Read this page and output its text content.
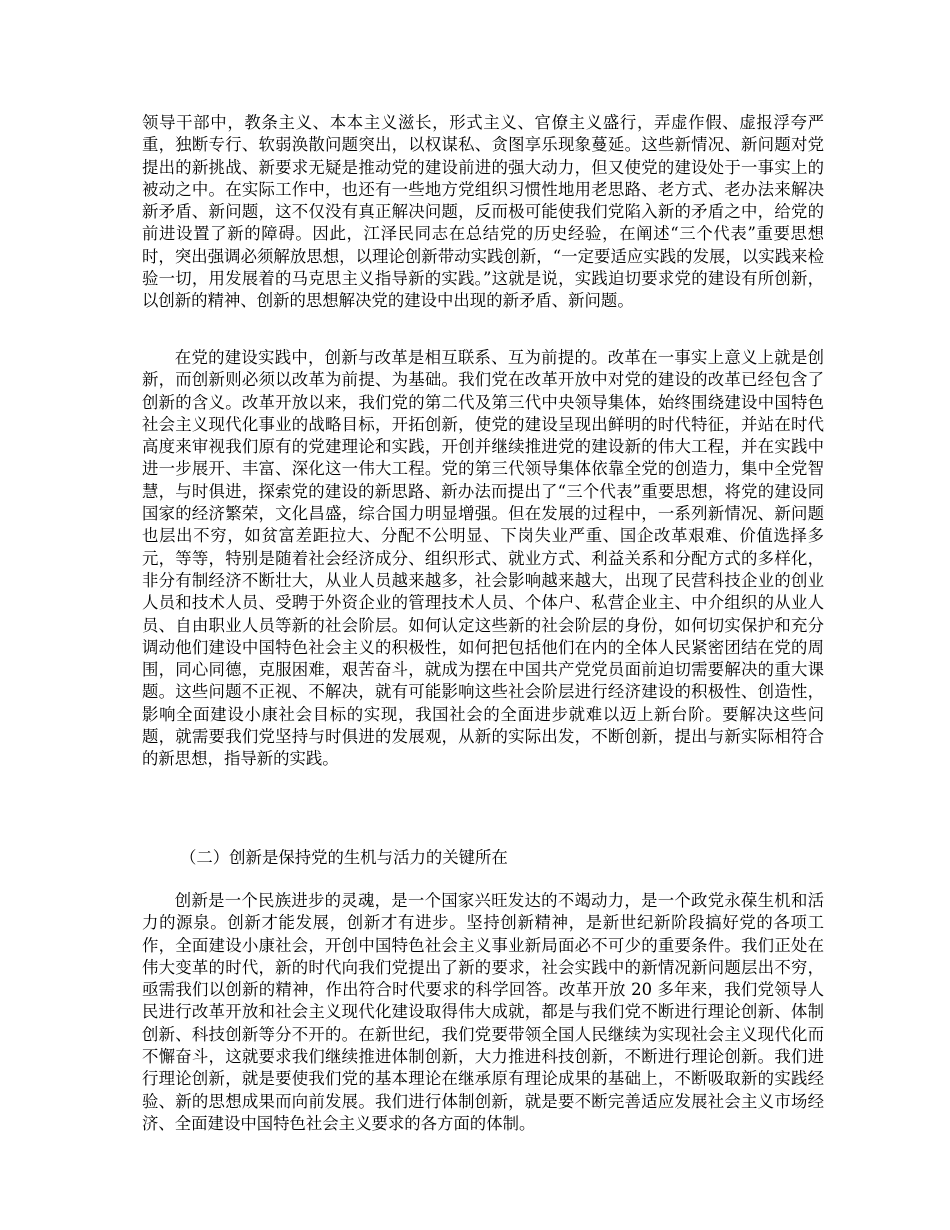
领导干部中，教条主义、本本主义滋长，形式主义、官僚主义盛行，弄虚作假、虚报浮夸严重，独断专行、软弱涣散问题突出，以权谋私、贪图享乐现象蔓延。这些新情况、新问题对党提出的新挑战、新要求无疑是推动党的建设前进的强大动力，但又使党的建设处于一事实上的被动之中。在实际工作中，也还有一些地方党组织习惯性地用老思路、老方式、老办法来解决新矛盾、新问题，这不仅没有真正解决问题，反而极可能使我们党陷入新的矛盾之中，给党的前进设置了新的障碍。因此，江泽民同志在总结党的历史经验，在阐述“三个代表”重要思想时，突出强调必须解放思想，以理论创新带动实践创新，“一定要适应实践的发展，以实践来检验一切，用发展着的马克思主义指导新的实践。”这就是说，实践迫切要求党的建设有所创新，以创新的精神、创新的思想解决党的建设中出现的新矛盾、新问题。

在党的建设实践中，创新与改革是相互联系、互为前提的。改革在一事实上意义上就是创新，而创新则必须以改革为前提、为基础。我们党在改革开放中对党的建设的改革已经包含了创新的含义。改革开放以来，我们党的第二代及第三代中央领导集体，始终围绕建设中国特色社会主义现代化事业的战略目标，开拓创新，使党的建设呈现出鲜明的时代特征，并站在时代高度来审视我们原有的党建理论和实践，开创并继续推进党的建设新的伟大工程，并在实践中进一步展开、丰富、深化这一伟大工程。党的第三代领导集体依靠全党的创造力，集中全党智慧，与时俱进，探索党的建设的新思路、新办法而提出了“三个代表”重要思想，将党的建设同国家的经济繁荣，文化昌盛，综合国力明显增强。但在发展的过程中，一系列新情况、新问题也层出不穷，如贫富差距拉大、分配不公明显、下岗失业严重、国企改革艰难、价值选择多元，等等，特别是随着社会经济成分、组织形式、就业方式、利益关系和分配方式的多样化，非分有制经济不断壮大，从业人员越来越多，社会影响越来越大，出现了民营科技企业的创业人员和技术人员、受聘于外资企业的管理技术人员、个体户、私营企业主、中介组织的从业人员、自由职业人员等新的社会阶层。如何认定这些新的社会阶层的身份，如何切实保护和充分调动他们建设中国特色社会主义的积极性，如何把包括他们在内的全体人民紧密团结在党的周围，同心同德，克服困难，艰苦奋斗，就成为摆在中国共产党党员面前迫切需要解决的重大课题。这些问题不正视、不解决，就有可能影响这些社会阶层进行经济建设的积极性、创造性，影响全面建设小康社会目标的实现，我国社会的全面进步就难以迈上新台阶。要解决这些问题，就需要我们党坚持与时俱进的发展观，从新的实际出发，不断创新，提出与新实际相符合的新思想，指导新的实践。

（二）创新是保持党的生机与活力的关键所在

创新是一个民族进步的灵魂，是一个国家兴旺发达的不竭动力，是一个政党永葆生机和活力的源泉。创新才能发展，创新才有进步。坚持创新精神，是新世纪新阶段搞好党的各项工作，全面建设小康社会，开创中国特色社会主义事业新局面必不可少的重要条件。我们正处在伟大变革的时代，新的时代向我们党提出了新的要求，社会实践中的新情况新问题层出不穷，亟需我们以创新的精神，作出符合时代要求的科学回答。改革开放 20 多年来，我们党领导人民进行改革开放和社会主义现代化建设取得伟大成就，都是与我们党不断进行理论创新、体制创新、科技创新等分不开的。在新世纪，我们党要带领全国人民继续为实现社会主义现代化而不懈奋斗，这就要求我们继续推进体制创新，大力推进科技创新，不断进行理论创新。我们进行理论创新，就是要使我们党的基本理论在继承原有理论成果的基础上，不断吸取新的实践经验、新的思想成果而向前发展。我们进行体制创新，就是要不断完善适应发展社会主义市场经济、全面建设中国特色社会主义要求的各方面的体制。
